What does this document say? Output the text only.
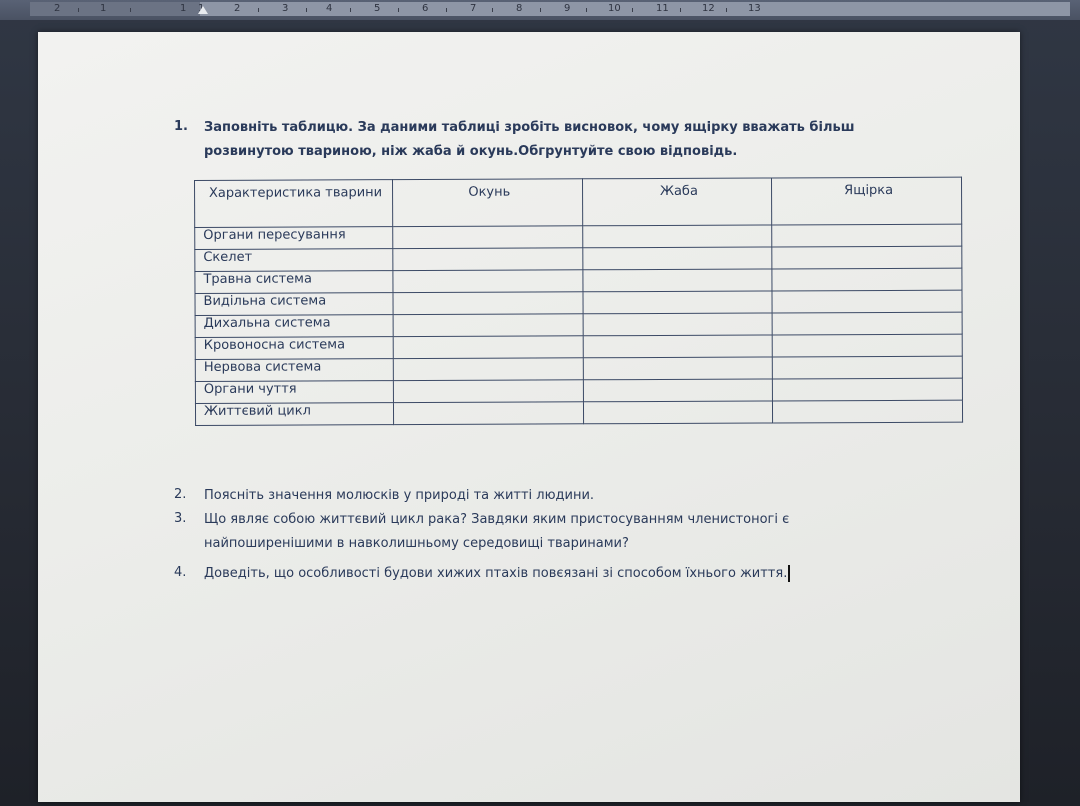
2	1	1 1	2	3	4	5	6	7	8	9	10	11	12	13
1. Заповніть таблицю. За даними таблиці зробіть висновок, чому ящірку вважать більш розвинутою твариною, ніж жаба й окунь.Обгрунтуйте свою відповідь.
Характеристика тварини	Окунь	Жаба	Ящірка
Органи пересування			
Скелет			
Травна система			
Видільна система			
Дихальна система			
Кровоносна система			
Нервова система			
Органи чуття			
Життєвий цикл			
2. Поясніть значення молюсків у природі та житті людини.
3. Що являє собою життєвий цикл рака? Завдяки яким пристосуванням членистоногі є найпоширенішими в навколишньому середовищі тваринами?
4. Доведіть, що особливості будови хижих птахів повєязані зі способом їхнього життя.
